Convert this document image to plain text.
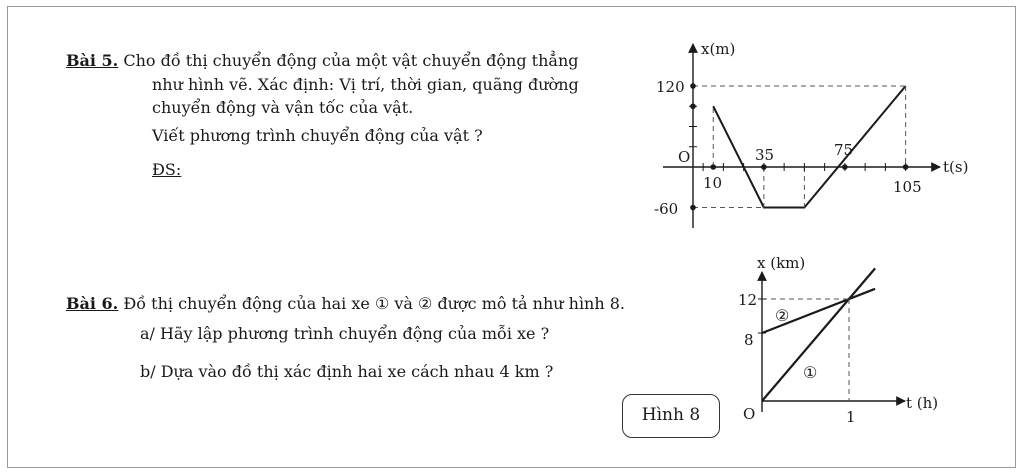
Bài 5. Cho đồ thị chuyển động của một vật chuyển động thẳng
như hình vẽ. Xác định: Vị trí, thời gian, quãng đường
chuyển động và vận tốc của vật.
Viết phương trình chuyển động của vật ?
ĐS:
Bài 6. Đồ thị chuyển động của hai xe ① và ② được mô tả như hình 8.
a/ Hãy lập phương trình chuyển động của mỗi xe ?
b/ Dựa vào đồ thị xác định hai xe cách nhau 4 km ?
Hình 8
x(m)
t(s)
O
120
-60
10
35	75
105
x (km)
t (h)
O
12
8
1
①
②
